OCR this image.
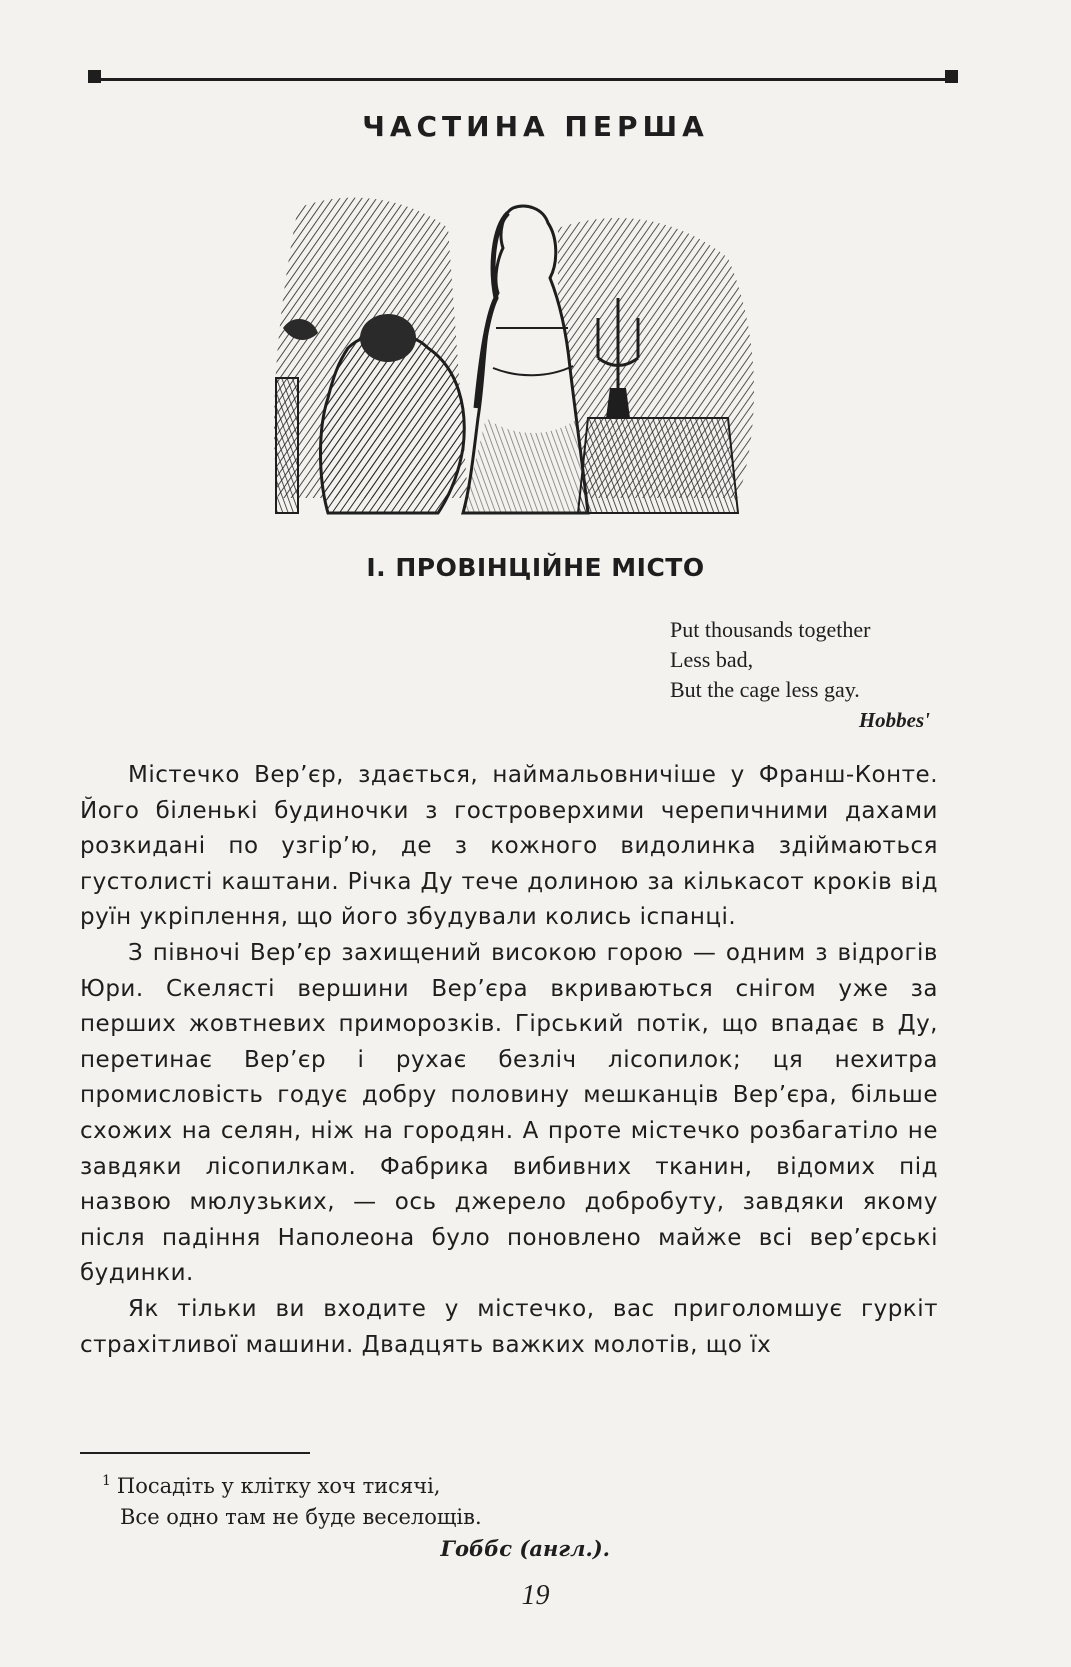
ЧАСТИНА ПЕРША
I. ПРОВІНЦІЙНЕ МІСТО
Put thousands together
Less bad,
But the cage less gay.
Hobbes'

Містечко Вер’єр, здається, наймальовничіше у Франш-Конте. Його біленькі будиночки з гостроверхими черепичними дахами розкидані по узгір’ю, де з кожного видолинка здіймаються густолисті каштани. Річка Ду тече долиною за кількасот кроків від руїн укріплення, що його збудували колись іспанці.

З півночі Вер’єр захищений високою горою — одним з відрогів Юри. Скелясті вершини Вер’єра вкриваються снігом уже за перших жовтневих приморозків. Гірський потік, що впадає в Ду, перетинає Вер’єр і рухає безліч лісопилок; ця нехитра промисловість годує добру половину мешканців Вер’єра, більше схожих на селян, ніж на городян. А проте містечко розбагатіло не завдяки лісопилкам. Фабрика вибивних тканин, відомих під назвою мюлузьких, — ось джерело добробуту, завдяки якому після падіння Наполеона було поновлено майже всі вер’єрські будинки.

Як тільки ви входите у містечко, вас приголомшує гуркіт страхітливої машини. Двадцять важких молотів, що їх

$^1$ Посадіть у клітку хоч тисячі,
Все одно там не буде веселощів.
Гоббс (англ.).
19
